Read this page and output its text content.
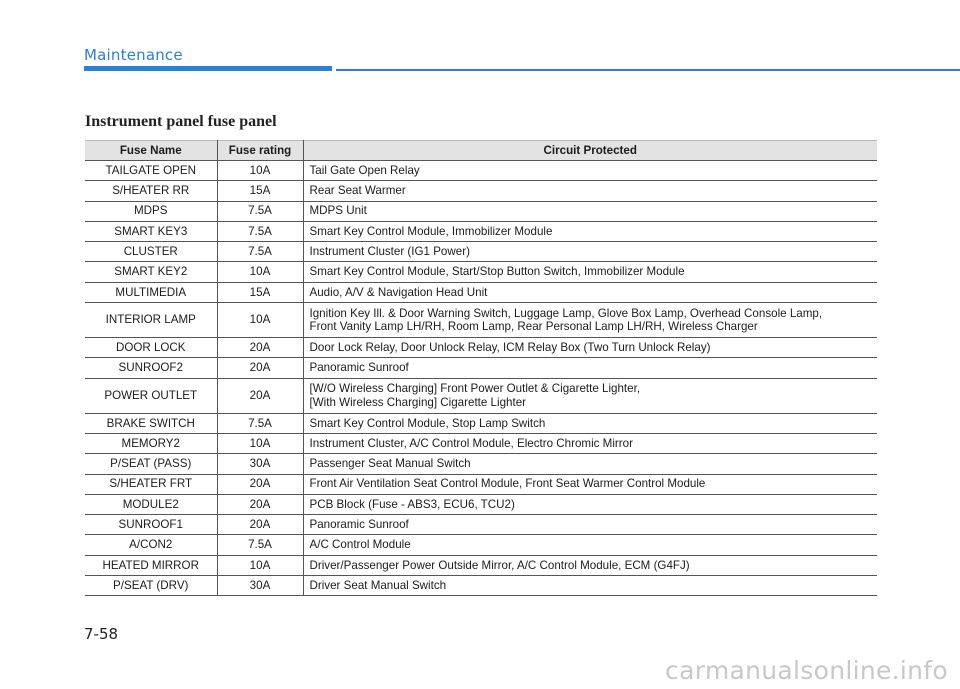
Maintenance
Instrument panel fuse panel
Fuse Name	Fuse rating	Circuit Protected
TAILGATE OPEN	10A	Tail Gate Open Relay

S/HEATER RR	15A	Rear Seat Warmer

MDPS	7.5A	MDPS Unit

SMART KEY3	7.5A	Smart Key Control Module, Immobilizer Module

CLUSTER	7.5A	Instrument Cluster (IG1 Power)

SMART KEY2	10A	Smart Key Control Module, Start/Stop Button Switch, Immobilizer Module

MULTIMEDIA	15A	Audio, A/V & Navigation Head Unit

INTERIOR LAMP	10A	Ignition Key Ill. & Door Warning Switch, Luggage Lamp, Glove Box Lamp, Overhead Console Lamp,
Front Vanity Lamp LH/RH, Room Lamp, Rear Personal Lamp LH/RH, Wireless Charger

DOOR LOCK	20A	Door Lock Relay, Door Unlock Relay, ICM Relay Box (Two Turn Unlock Relay)

SUNROOF2	20A	Panoramic Sunroof

POWER OUTLET	20A	[W/O Wireless Charging] Front Power Outlet & Cigarette Lighter,
[With Wireless Charging] Cigarette Lighter

BRAKE SWITCH	7.5A	Smart Key Control Module, Stop Lamp Switch

MEMORY2	10A	Instrument Cluster, A/C Control Module, Electro Chromic Mirror

P/SEAT (PASS)	30A	Passenger Seat Manual Switch

S/HEATER FRT	20A	Front Air Ventilation Seat Control Module, Front Seat Warmer Control Module

MODULE2	20A	PCB Block (Fuse - ABS3, ECU6, TCU2)

SUNROOF1	20A	Panoramic Sunroof

A/CON2	7.5A	A/C Control Module

HEATED MIRROR	10A	Driver/Passenger Power Outside Mirror, A/C Control Module, ECM (G4FJ)

P/SEAT (DRV)	30A	Driver Seat Manual Switch
7-58
carmanualsonline.info
